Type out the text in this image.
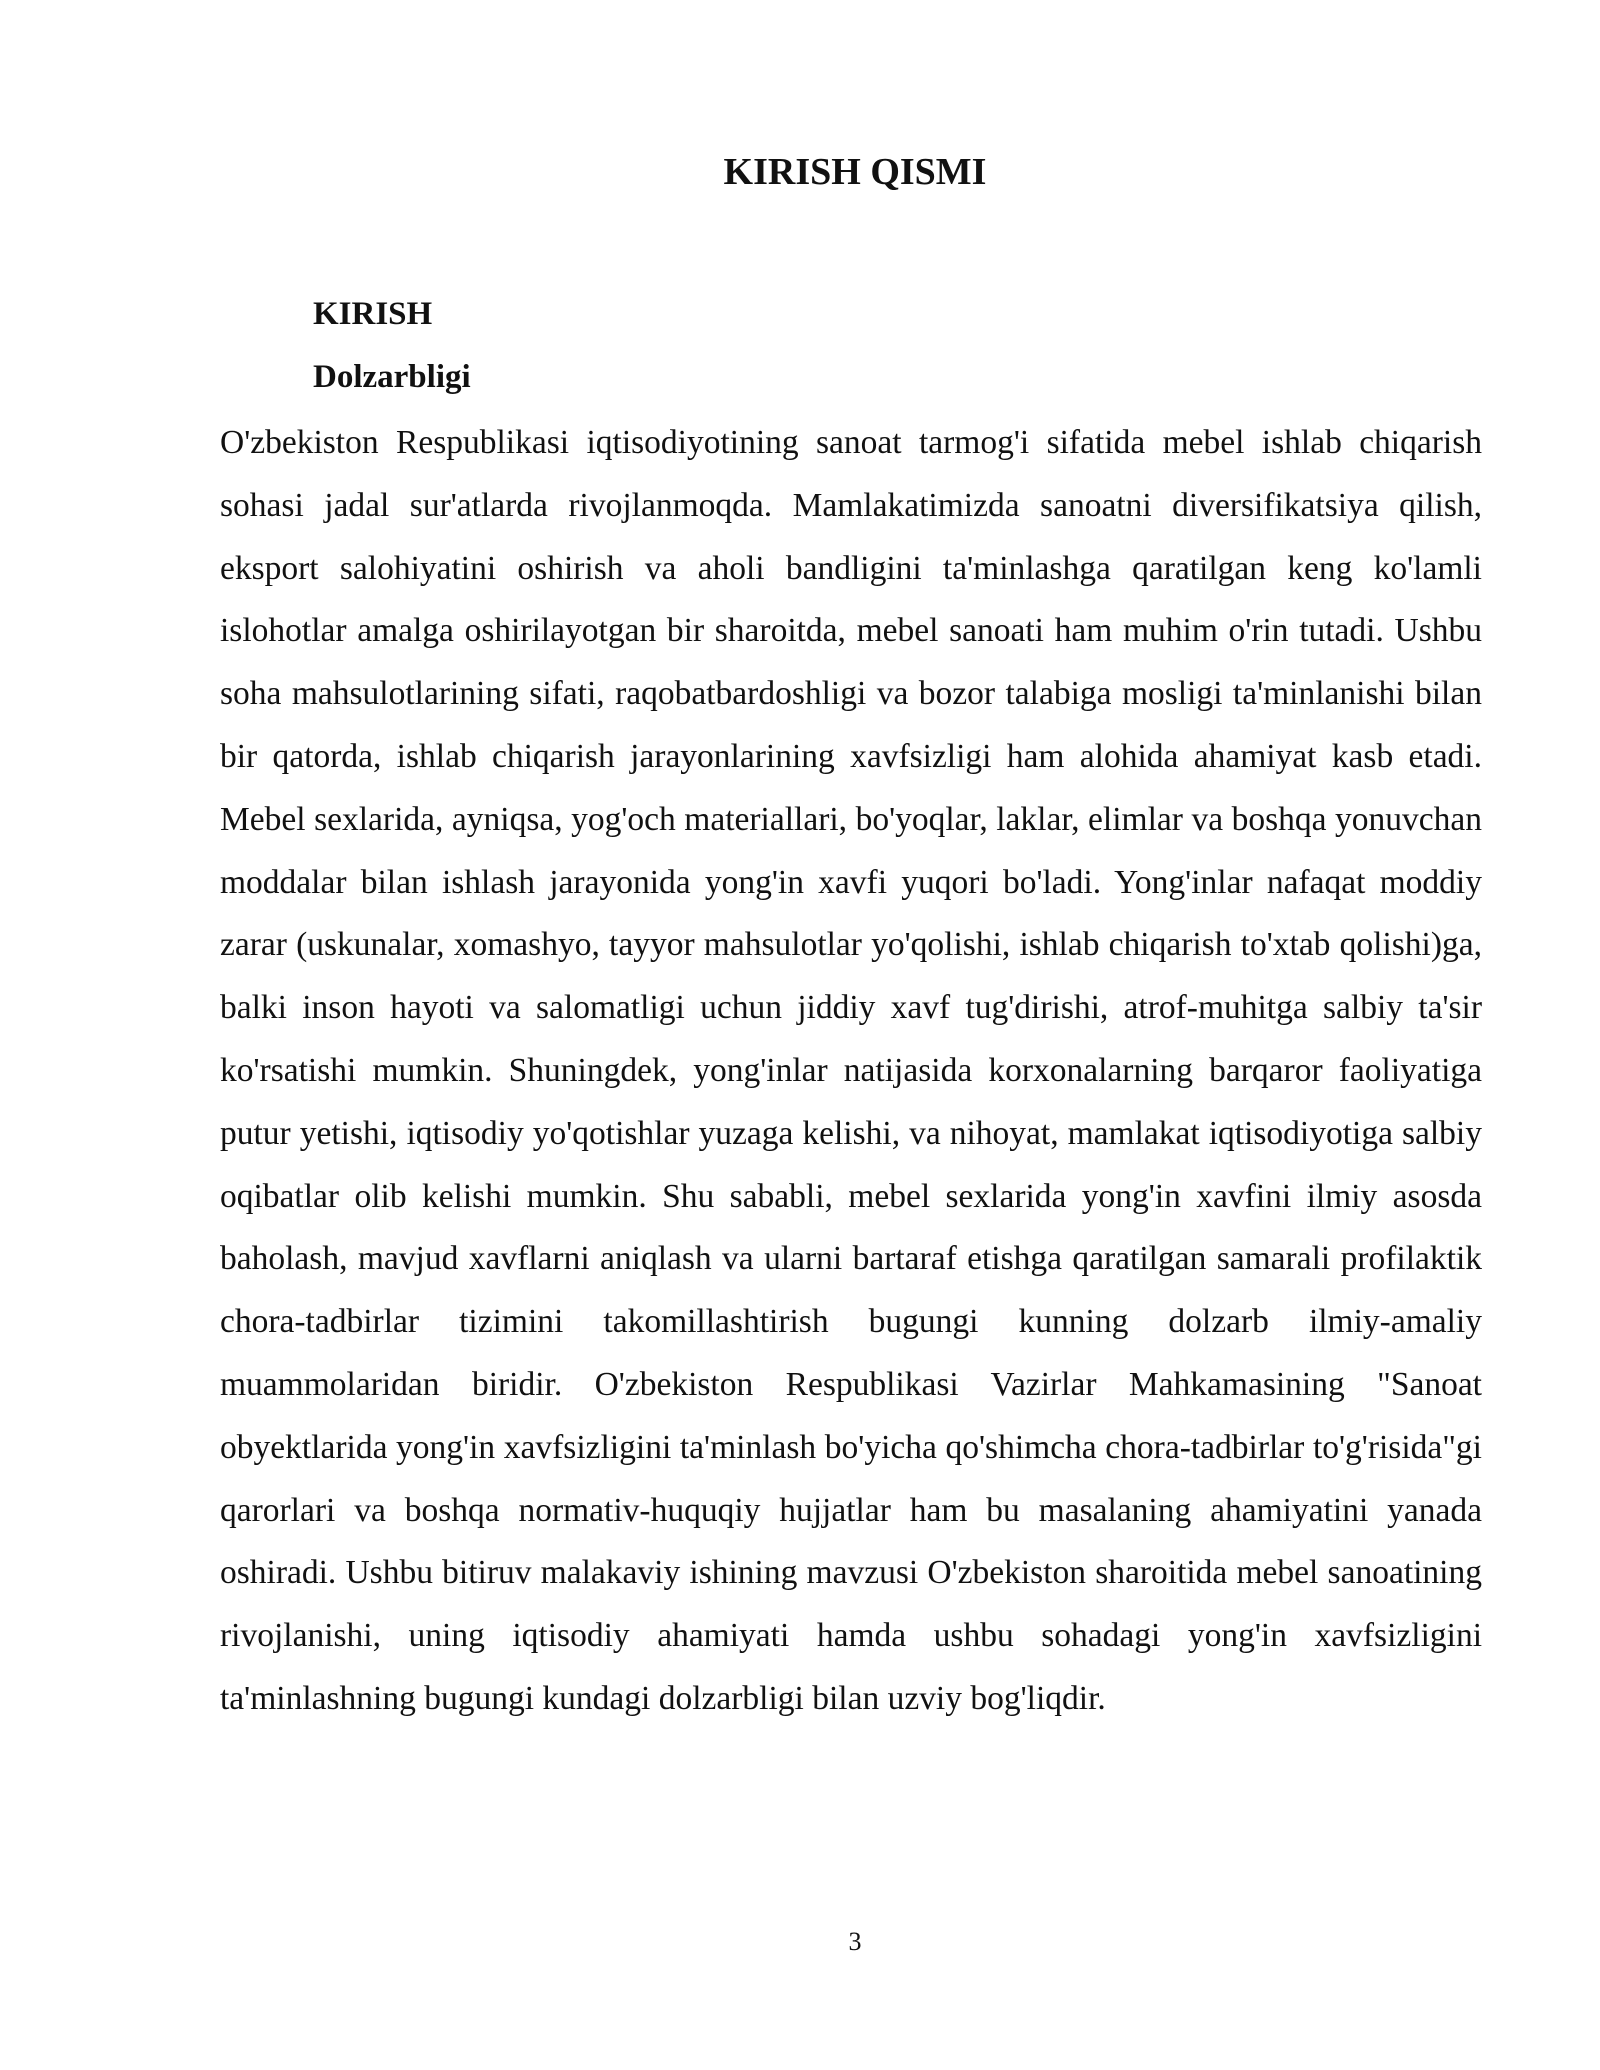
KIRISH QISMI
KIRISH
Dolzarbligi

O'zbekiston Respublikasi iqtisodiyotining sanoat tarmog'i sifatida mebel ishlab chiqarish sohasi jadal sur'atlarda rivojlanmoqda. Mamlakatimizda sanoatni diversifikatsiya qilish, eksport salohiyatini oshirish va aholi bandligini ta'minlashga qaratilgan keng ko'lamli islohotlar amalga oshirilayotgan bir sharoitda, mebel sanoati ham muhim o'rin tutadi. Ushbu soha mahsulotlarining sifati, raqobatbardoshligi va bozor talabiga mosligi ta'minlanishi bilan bir qatorda, ishlab chiqarish jarayonlarining xavfsizligi ham alohida ahamiyat kasb etadi. Mebel sexlarida, ayniqsa, yog'och materiallari, bo'yoqlar, laklar, elimlar va boshqa yonuvchan moddalar bilan ishlash jarayonida yong'in xavfi yuqori bo'ladi. Yong'inlar nafaqat moddiy zarar (uskunalar, xomashyo, tayyor mahsulotlar yo'qolishi, ishlab chiqarish to'xtab qolishi)ga, balki inson hayoti va salomatligi uchun jiddiy xavf tug'dirishi, atrof-muhitga salbiy ta'sir ko'rsatishi mumkin. Shuningdek, yong'inlar natijasida korxonalarning barqaror faoliyatiga putur yetishi, iqtisodiy yo'qotishlar yuzaga kelishi, va nihoyat, mamlakat iqtisodiyotiga salbiy oqibatlar olib kelishi mumkin. Shu sababli, mebel sexlarida yong'in xavfini ilmiy asosda baholash, mavjud xavflarni aniqlash va ularni bartaraf etishga qaratilgan samarali profilaktik chora-tadbirlar tizimini takomillashtirish bugungi kunning dolzarb ilmiy-amaliy muammolaridan biridir. O'zbekiston Respublikasi Vazirlar Mahkamasining "Sanoat obyektlarida yong'in xavfsizligini ta'minlash bo'yicha qo'shimcha chora-tadbirlar to'g'risida"gi qarorlari va boshqa normativ-huquqiy hujjatlar ham bu masalaning ahamiyatini yanada oshiradi. Ushbu bitiruv malakaviy ishining mavzusi O'zbekiston sharoitida mebel sanoatining rivojlanishi, uning iqtisodiy ahamiyati hamda ushbu sohadagi yong'in xavfsizligini ta'minlashning bugungi kundagi dolzarbligi bilan uzviy bog'liqdir.

3
